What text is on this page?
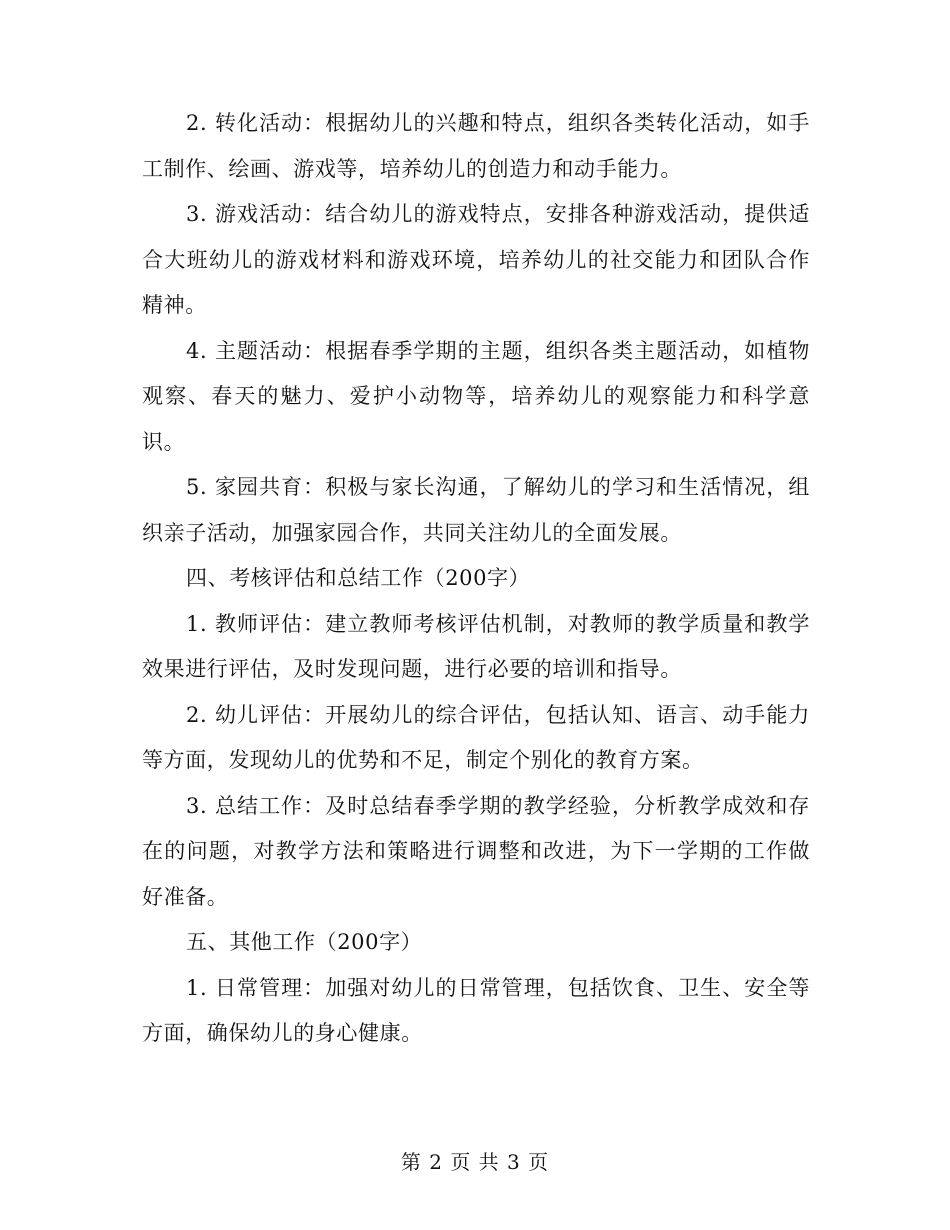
2. 转化活动：根据幼儿的兴趣和特点，组织各类转化活动，如手工制作、绘画、游戏等，培养幼儿的创造力和动手能力。

3. 游戏活动：结合幼儿的游戏特点，安排各种游戏活动，提供适合大班幼儿的游戏材料和游戏环境，培养幼儿的社交能力和团队合作精神。

4. 主题活动：根据春季学期的主题，组织各类主题活动，如植物观察、春天的魅力、爱护小动物等，培养幼儿的观察能力和科学意识。

5. 家园共育：积极与家长沟通，了解幼儿的学习和生活情况，组织亲子活动，加强家园合作，共同关注幼儿的全面发展。

四、考核评估和总结工作（200字）

1. 教师评估：建立教师考核评估机制，对教师的教学质量和教学效果进行评估，及时发现问题，进行必要的培训和指导。

2. 幼儿评估：开展幼儿的综合评估，包括认知、语言、动手能力等方面，发现幼儿的优势和不足，制定个别化的教育方案。

3. 总结工作：及时总结春季学期的教学经验，分析教学成效和存在的问题，对教学方法和策略进行调整和改进，为下一学期的工作做好准备。

五、其他工作（200字）

1. 日常管理：加强对幼儿的日常管理，包括饮食、卫生、安全等方面，确保幼儿的身心健康。

第 2 页 共 3 页
